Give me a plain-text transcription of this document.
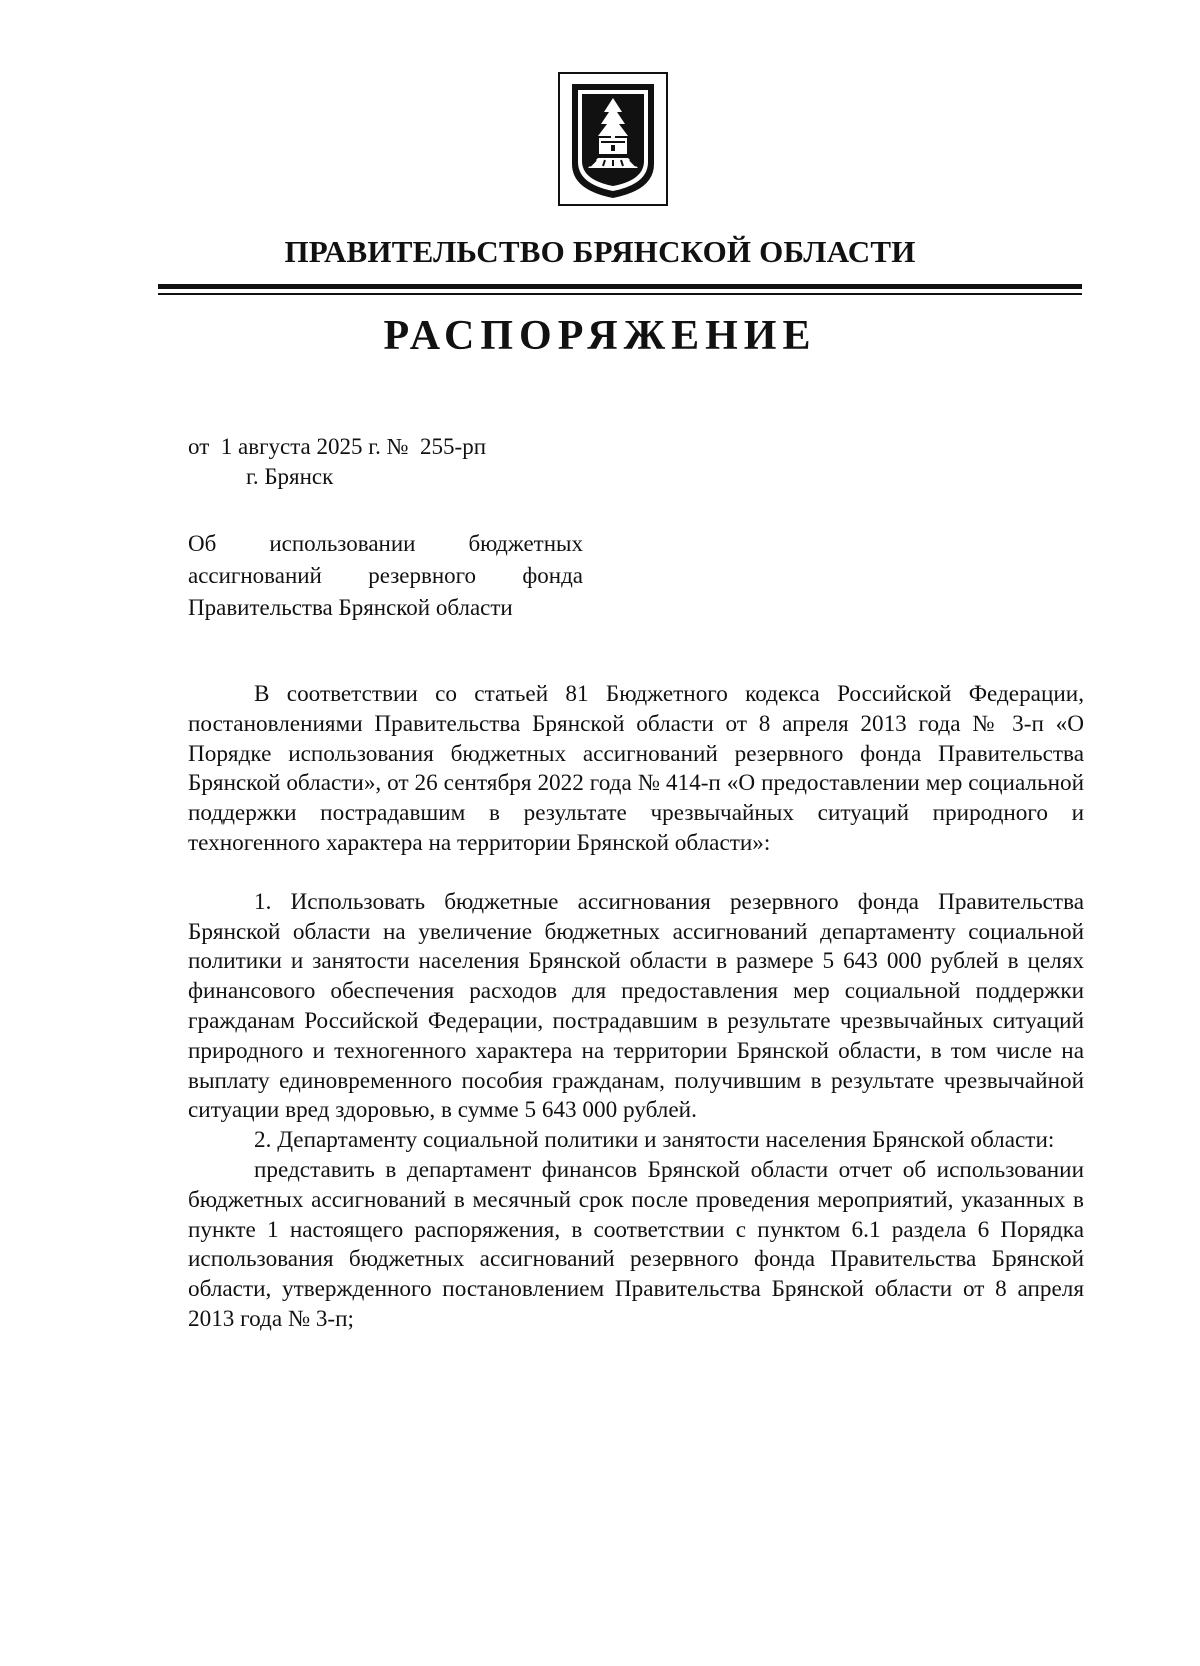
ПРАВИТЕЛЬСТВО БРЯНСКОЙ ОБЛАСТИ
РАСПОРЯЖЕНИЕ
от  1 августа 2025 г. №  255-рп
г. Брянск
Об использовании бюджетных
ассигнований резервного фонда
Правительства Брянской области

В соответствии со статьей 81 Бюджетного кодекса Российской Федерации, постановлениями Правительства Брянской области от 8 апреля 2013 года № 3-п «О Порядке использования бюджетных ассигнований резервного фонда Правительства Брянской области», от 26 сентября 2022 года № 414-п «О предоставлении мер социальной поддержки пострадавшим в результате чрезвычайных ситуаций природного и техногенного характера на территории Брянской области»:

1. Использовать бюджетные ассигнования резервного фонда Правительства Брянской области на увеличение бюджетных ассигнований департаменту социальной политики и занятости населения Брянской области в размере 5 643 000 рублей в целях финансового обеспечения расходов для предоставления мер социальной поддержки гражданам Российской Федерации, пострадавшим в результате чрезвычайных ситуаций природного и техногенного характера на территории Брянской области, в том числе на выплату единовременного пособия гражданам, получившим в результате чрезвычайной ситуации вред здоровью, в сумме 5 643 000 рублей.

2. Департаменту социальной политики и занятости населения Брянской области:

представить в департамент финансов Брянской области отчет об использовании бюджетных ассигнований в месячный срок после проведения мероприятий, указанных в пункте 1 настоящего распоряжения, в соответствии с пунктом 6.1 раздела 6 Порядка использования бюджетных ассигнований резервного фонда Правительства Брянской области, утвержденного постановлением Правительства Брянской области от 8 апреля 2013 года № 3-п;
